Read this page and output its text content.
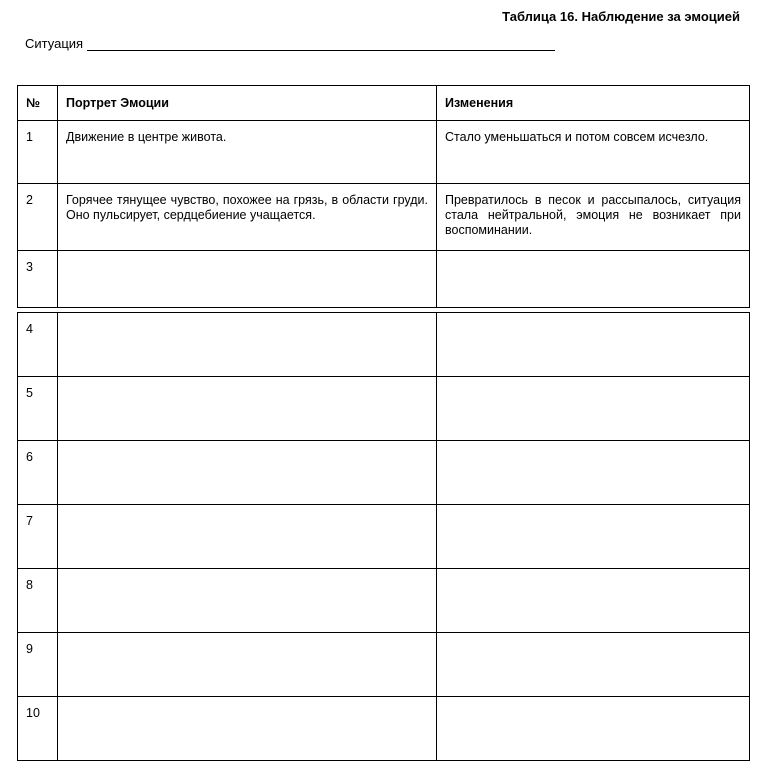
Таблица 16. Наблюдение за эмоцией
Ситуация
№	Портрет Эмоции	Изменения

1	Движение в центре живота.	Стало уменьшаться и потом совсем исчезло.

2	Горячее тянущее чувство, похожее на грязь, в области груди. Оно пульсирует, сердцебиение учащается.	Превратилось в песок и рассыпалось, ситуация стала нейтральной, эмоция не возникает при воспоминании.

3		

4		

5		

6		

7		

8		

9		

10		
